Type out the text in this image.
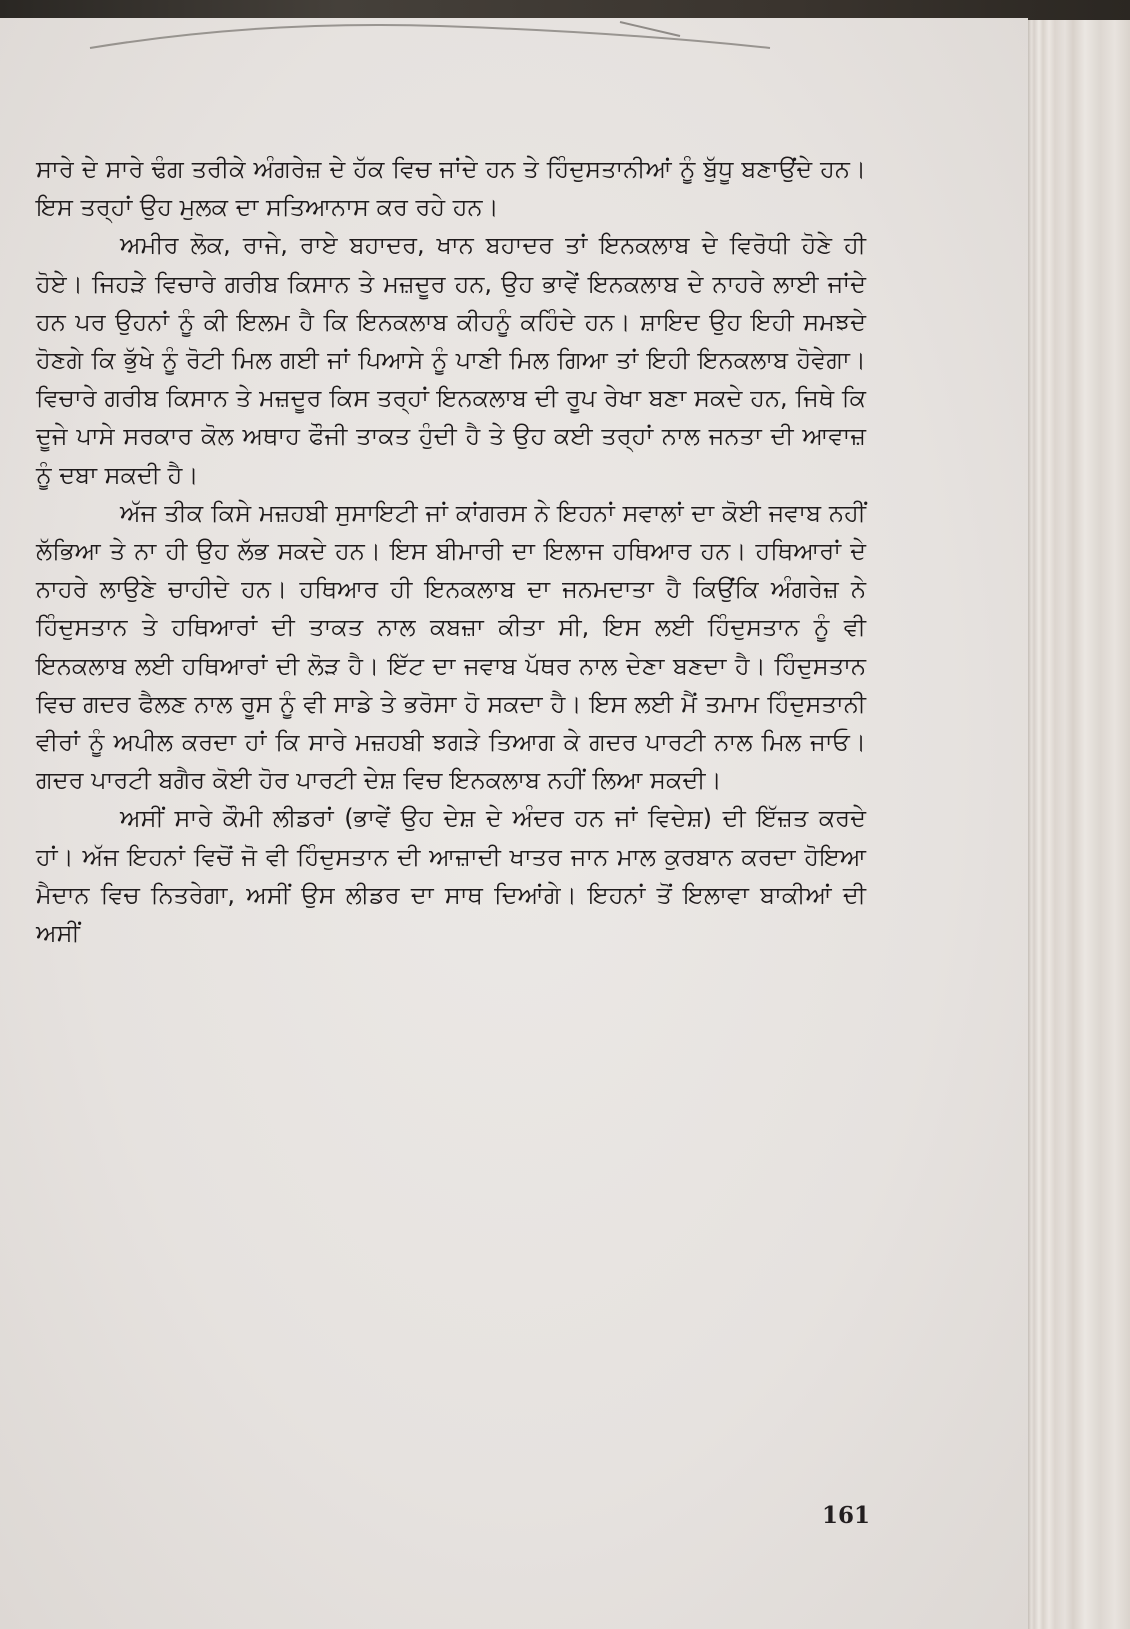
ਸਾਰੇ ਦੇ ਸਾਰੇ ਢੰਗ ਤਰੀਕੇ ਅੰਗਰੇਜ਼ ਦੇ ਹੱਕ ਵਿਚ ਜਾਂਦੇ ਹਨ ਤੇ ਹਿੰਦੁਸਤਾਨੀਆਂ ਨੂੰ ਬੁੱਧੂ ਬਣਾਉਂਦੇ ਹਨ। ਇਸ ਤਰ੍ਹਾਂ ਉਹ ਮੁਲਕ ਦਾ ਸਤਿਆਨਾਸ ਕਰ ਰਹੇ ਹਨ।

ਅਮੀਰ ਲੋਕ, ਰਾਜੇ, ਰਾਏ ਬਹਾਦਰ, ਖਾਨ ਬਹਾਦਰ ਤਾਂ ਇਨਕਲਾਬ ਦੇ ਵਿਰੋਧੀ ਹੋਣੇ ਹੀ ਹੋਏ। ਜਿਹੜੇ ਵਿਚਾਰੇ ਗਰੀਬ ਕਿਸਾਨ ਤੇ ਮਜ਼ਦੂਰ ਹਨ, ਉਹ ਭਾਵੇਂ ਇਨਕਲਾਬ ਦੇ ਨਾਹਰੇ ਲਾਈ ਜਾਂਦੇ ਹਨ ਪਰ ਉਹਨਾਂ ਨੂੰ ਕੀ ਇਲਮ ਹੈ ਕਿ ਇਨਕਲਾਬ ਕੀਹਨੂੰ ਕਹਿੰਦੇ ਹਨ। ਸ਼ਾਇਦ ਉਹ ਇਹੀ ਸਮਝਦੇ ਹੋਣਗੇ ਕਿ ਭੁੱਖੇ ਨੂੰ ਰੋਟੀ ਮਿਲ ਗਈ ਜਾਂ ਪਿਆਸੇ ਨੂੰ ਪਾਣੀ ਮਿਲ ਗਿਆ ਤਾਂ ਇਹੀ ਇਨਕਲਾਬ ਹੋਵੇਗਾ। ਵਿਚਾਰੇ ਗਰੀਬ ਕਿਸਾਨ ਤੇ ਮਜ਼ਦੂਰ ਕਿਸ ਤਰ੍ਹਾਂ ਇਨਕਲਾਬ ਦੀ ਰੂਪ ਰੇਖਾ ਬਣਾ ਸਕਦੇ ਹਨ, ਜਿਥੇ ਕਿ ਦੂਜੇ ਪਾਸੇ ਸਰਕਾਰ ਕੋਲ ਅਥਾਹ ਫੌਜੀ ਤਾਕਤ ਹੁੰਦੀ ਹੈ ਤੇ ਉਹ ਕਈ ਤਰ੍ਹਾਂ ਨਾਲ ਜਨਤਾ ਦੀ ਆਵਾਜ਼ ਨੂੰ ਦਬਾ ਸਕਦੀ ਹੈ।

ਅੱਜ ਤੀਕ ਕਿਸੇ ਮਜ਼ਹਬੀ ਸੁਸਾਇਟੀ ਜਾਂ ਕਾਂਗਰਸ ਨੇ ਇਹਨਾਂ ਸਵਾਲਾਂ ਦਾ ਕੋਈ ਜਵਾਬ ਨਹੀਂ ਲੱਭਿਆ ਤੇ ਨਾ ਹੀ ਉਹ ਲੱਭ ਸਕਦੇ ਹਨ। ਇਸ ਬੀਮਾਰੀ ਦਾ ਇਲਾਜ ਹਥਿਆਰ ਹਨ। ਹਥਿਆਰਾਂ ਦੇ ਨਾਹਰੇ ਲਾਉਣੇ ਚਾਹੀਦੇ ਹਨ। ਹਥਿਆਰ ਹੀ ਇਨਕਲਾਬ ਦਾ ਜਨਮਦਾਤਾ ਹੈ ਕਿਉਂਕਿ ਅੰਗਰੇਜ਼ ਨੇ ਹਿੰਦੁਸਤਾਨ ਤੇ ਹਥਿਆਰਾਂ ਦੀ ਤਾਕਤ ਨਾਲ ਕਬਜ਼ਾ ਕੀਤਾ ਸੀ, ਇਸ ਲਈ ਹਿੰਦੁਸਤਾਨ ਨੂੰ ਵੀ ਇਨਕਲਾਬ ਲਈ ਹਥਿਆਰਾਂ ਦੀ ਲੋੜ ਹੈ। ਇੱਟ ਦਾ ਜਵਾਬ ਪੱਥਰ ਨਾਲ ਦੇਣਾ ਬਣਦਾ ਹੈ। ਹਿੰਦੁਸਤਾਨ ਵਿਚ ਗਦਰ ਫੈਲਣ ਨਾਲ ਰੂਸ ਨੂੰ ਵੀ ਸਾਡੇ ਤੇ ਭਰੋਸਾ ਹੋ ਸਕਦਾ ਹੈ। ਇਸ ਲਈ ਮੈਂ ਤਮਾਮ ਹਿੰਦੁਸਤਾਨੀ ਵੀਰਾਂ ਨੂੰ ਅਪੀਲ ਕਰਦਾ ਹਾਂ ਕਿ ਸਾਰੇ ਮਜ਼ਹਬੀ ਝਗੜੇ ਤਿਆਗ ਕੇ ਗਦਰ ਪਾਰਟੀ ਨਾਲ ਮਿਲ ਜਾਓ। ਗਦਰ ਪਾਰਟੀ ਬਗੈਰ ਕੋਈ ਹੋਰ ਪਾਰਟੀ ਦੇਸ਼ ਵਿਚ ਇਨਕਲਾਬ ਨਹੀਂ ਲਿਆ ਸਕਦੀ।

ਅਸੀਂ ਸਾਰੇ ਕੌਮੀ ਲੀਡਰਾਂ (ਭਾਵੇਂ ਉਹ ਦੇਸ਼ ਦੇ ਅੰਦਰ ਹਨ ਜਾਂ ਵਿਦੇਸ਼) ਦੀ ਇੱਜ਼ਤ ਕਰਦੇ ਹਾਂ। ਅੱਜ ਇਹਨਾਂ ਵਿਚੋਂ ਜੋ ਵੀ ਹਿੰਦੁਸਤਾਨ ਦੀ ਆਜ਼ਾਦੀ ਖਾਤਰ ਜਾਨ ਮਾਲ ਕੁਰਬਾਨ ਕਰਦਾ ਹੋਇਆ ਮੈਦਾਨ ਵਿਚ ਨਿਤਰੇਗਾ, ਅਸੀਂ ਉਸ ਲੀਡਰ ਦਾ ਸਾਥ ਦਿਆਂਗੇ। ਇਹਨਾਂ ਤੋਂ ਇਲਾਵਾ ਬਾਕੀਆਂ ਦੀ ਅਸੀਂ

161
